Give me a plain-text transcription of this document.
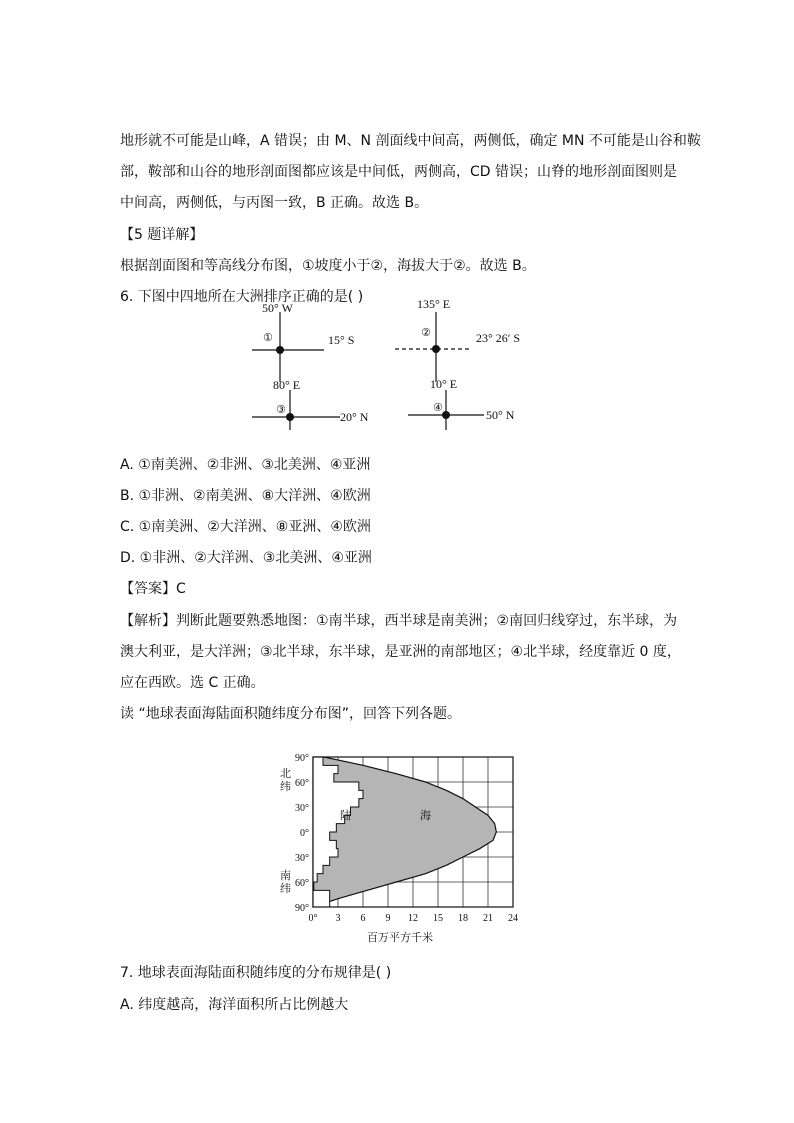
地形就不可能是山峰，A 错误；由 M、N 剖面线中间高，两侧低，确定 MN 不可能是山谷和鞍
部，鞍部和山谷的地形剖面图都应该是中间低，两侧高，CD 错误；山脊的地形剖面图则是
中间高，两侧低，与丙图一致，B 正确。故选 B。
【5 题详解】
根据剖面图和等高线分布图，①坡度小于②，海拔大于②。故选 B。
6. 下图中四地所在大洲排序正确的是( )
①
50° W
15° S
②
135° E
23° 26′ S
③
80° E
20° N
④
10° E
50° N
A. ①南美洲、②非洲、③北美洲、④亚洲
B. ①非洲、②南美洲、⑧大洋洲、④欧洲
C. ①南美洲、②大洋洲、⑧亚洲、④欧洲
D. ①非洲、②大洋洲、③北美洲、④亚洲
【答案】C
【解析】判断此题要熟悉地图：①南半球，西半球是南美洲；②南回归线穿过，东半球，为
澳大利亚，是大洋洲；③北半球，东半球，是亚洲的南部地区；④北半球，经度靠近 0 度，
应在西欧。选 C 正确。
读 “地球表面海陆面积随纬度分布图”，回答下列各题。
90°
60°
30°
0°
30°
60°
90°
0° 3 6 9 12 15 18 21 24
北纬
南纬
陆	海
百万平方千米
7. 地球表面海陆面积随纬度的分布规律是( )
A. 纬度越高，海洋面积所占比例越大
